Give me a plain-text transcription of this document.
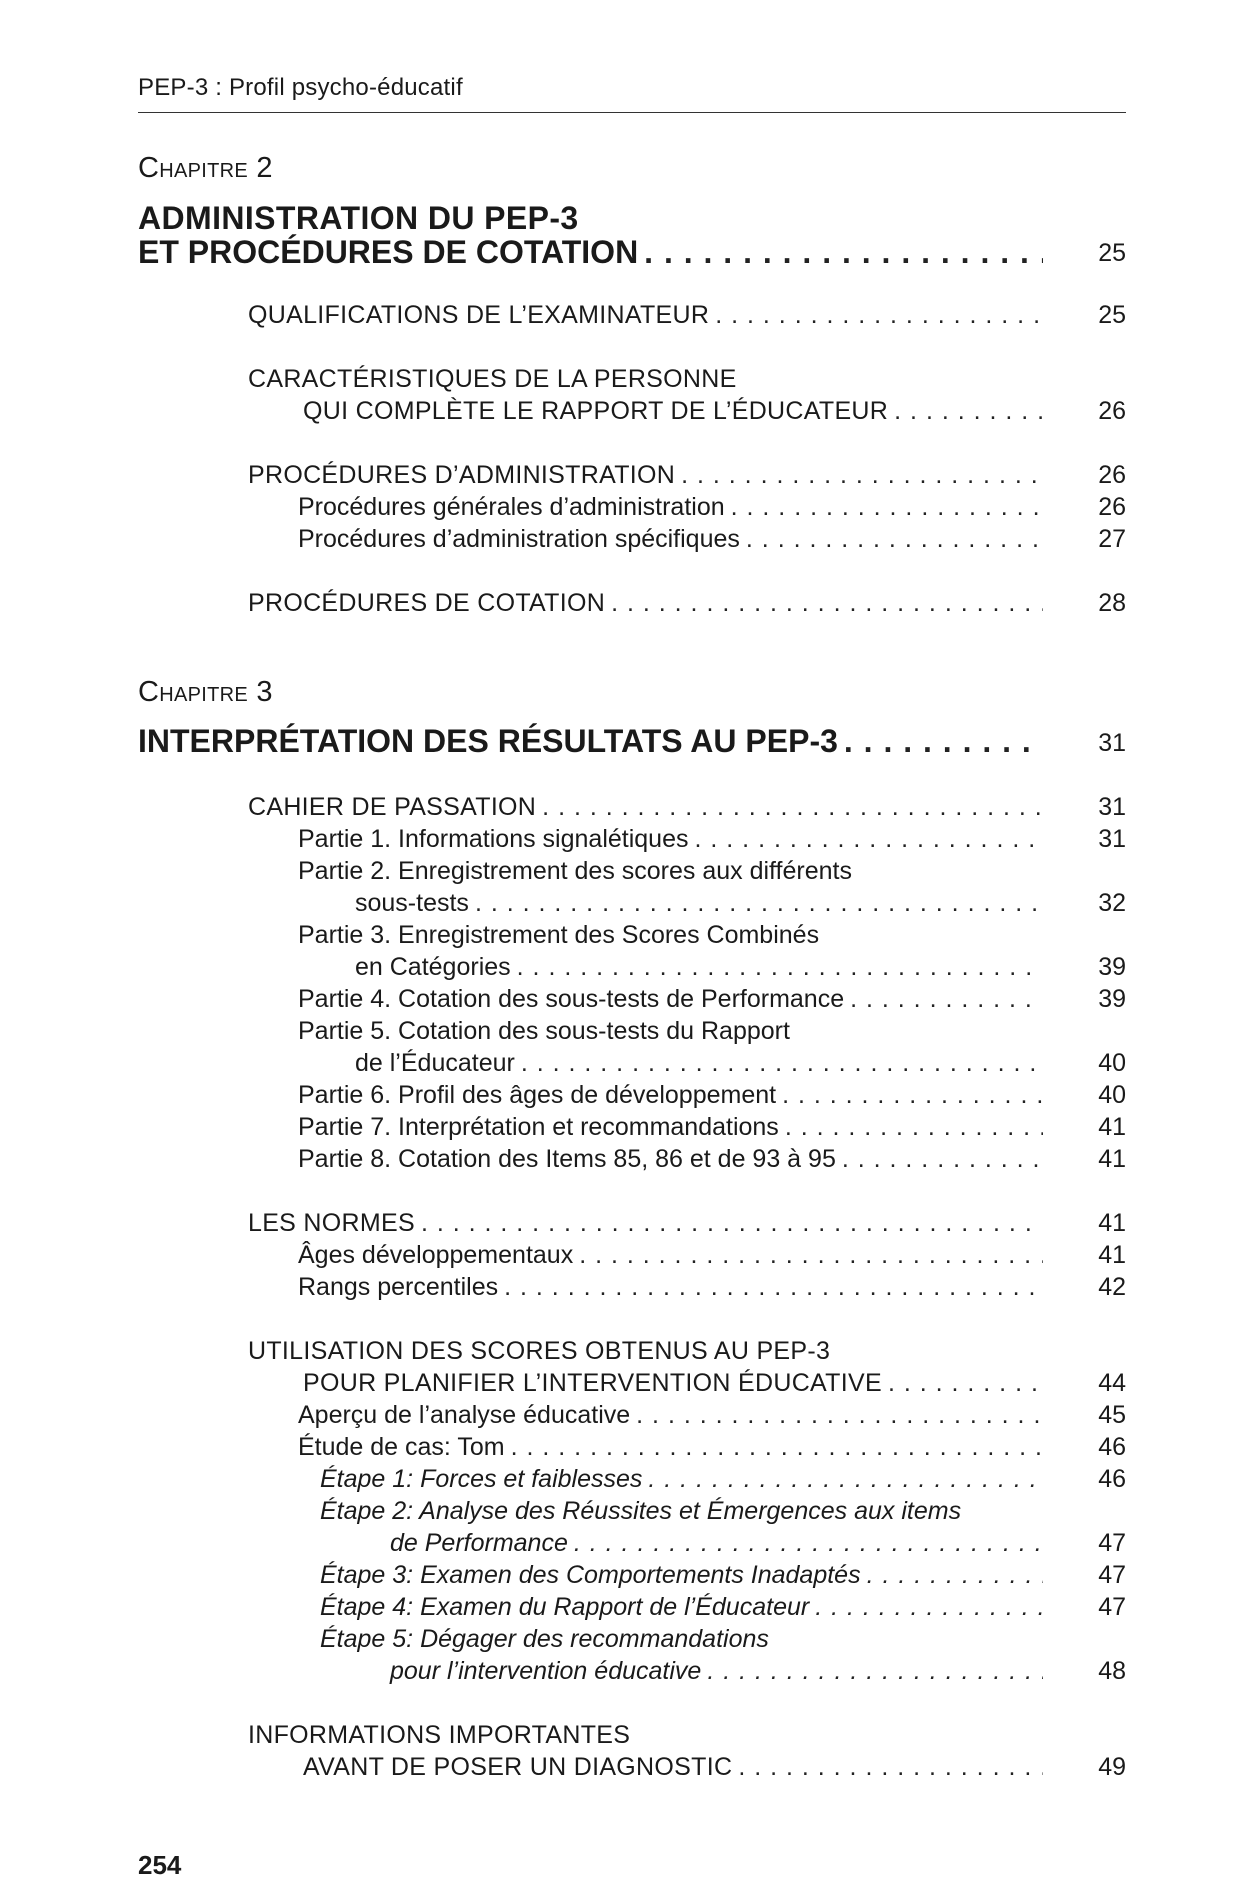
PEP-3 : Profil psycho-éducatif
Chapitre 2
ADMINISTRATION DU PEP-3
ET PROCÉDURES DE COTATION . . .	25
QUALIFICATIONS DE L’EXAMINATEUR . . .	25
CARACTÉRISTIQUES DE LA PERSONNE
QUI COMPLÈTE LE RAPPORT DE L’ÉDUCATEUR . . .	26
PROCÉDURES D’ADMINISTRATION . . .	26
Procédures générales d’administration . . .	26
Procédures d’administration spécifiques . . .	27
PROCÉDURES DE COTATION . . .	28
Chapitre 3
INTERPRÉTATION DES RÉSULTATS AU PEP-3 . . .	31
CAHIER DE PASSATION . . .	31
Partie 1. Informations signalétiques . . .	31
Partie 2. Enregistrement des scores aux différents
sous-tests . . .	32
Partie 3. Enregistrement des Scores Combinés
en Catégories . . .	39
Partie 4. Cotation des sous-tests de Performance . . .	39
Partie 5. Cotation des sous-tests du Rapport
de l’Éducateur . . .	40
Partie 6. Profil des âges de développement . . .	40
Partie 7. Interprétation et recommandations . . .	41
Partie 8. Cotation des Items 85, 86 et de 93 à 95 . . .	41
LES NORMES . . .	41
Âges développementaux . . .	41
Rangs percentiles . . .	42
UTILISATION DES SCORES OBTENUS AU PEP-3
POUR PLANIFIER L’INTERVENTION ÉDUCATIVE . . .	44
Aperçu de l’analyse éducative . . .	45
Étude de cas: Tom . . .	46
Étape 1: Forces et faiblesses . . .	46
Étape 2: Analyse des Réussites et Émergences aux items
de Performance . . .	47
Étape 3: Examen des Comportements Inadaptés . . .	47
Étape 4: Examen du Rapport de l’Éducateur . . .	47
Étape 5: Dégager des recommandations
pour l’intervention éducative . . .	48
INFORMATIONS IMPORTANTES
AVANT DE POSER UN DIAGNOSTIC . . .	49
254
